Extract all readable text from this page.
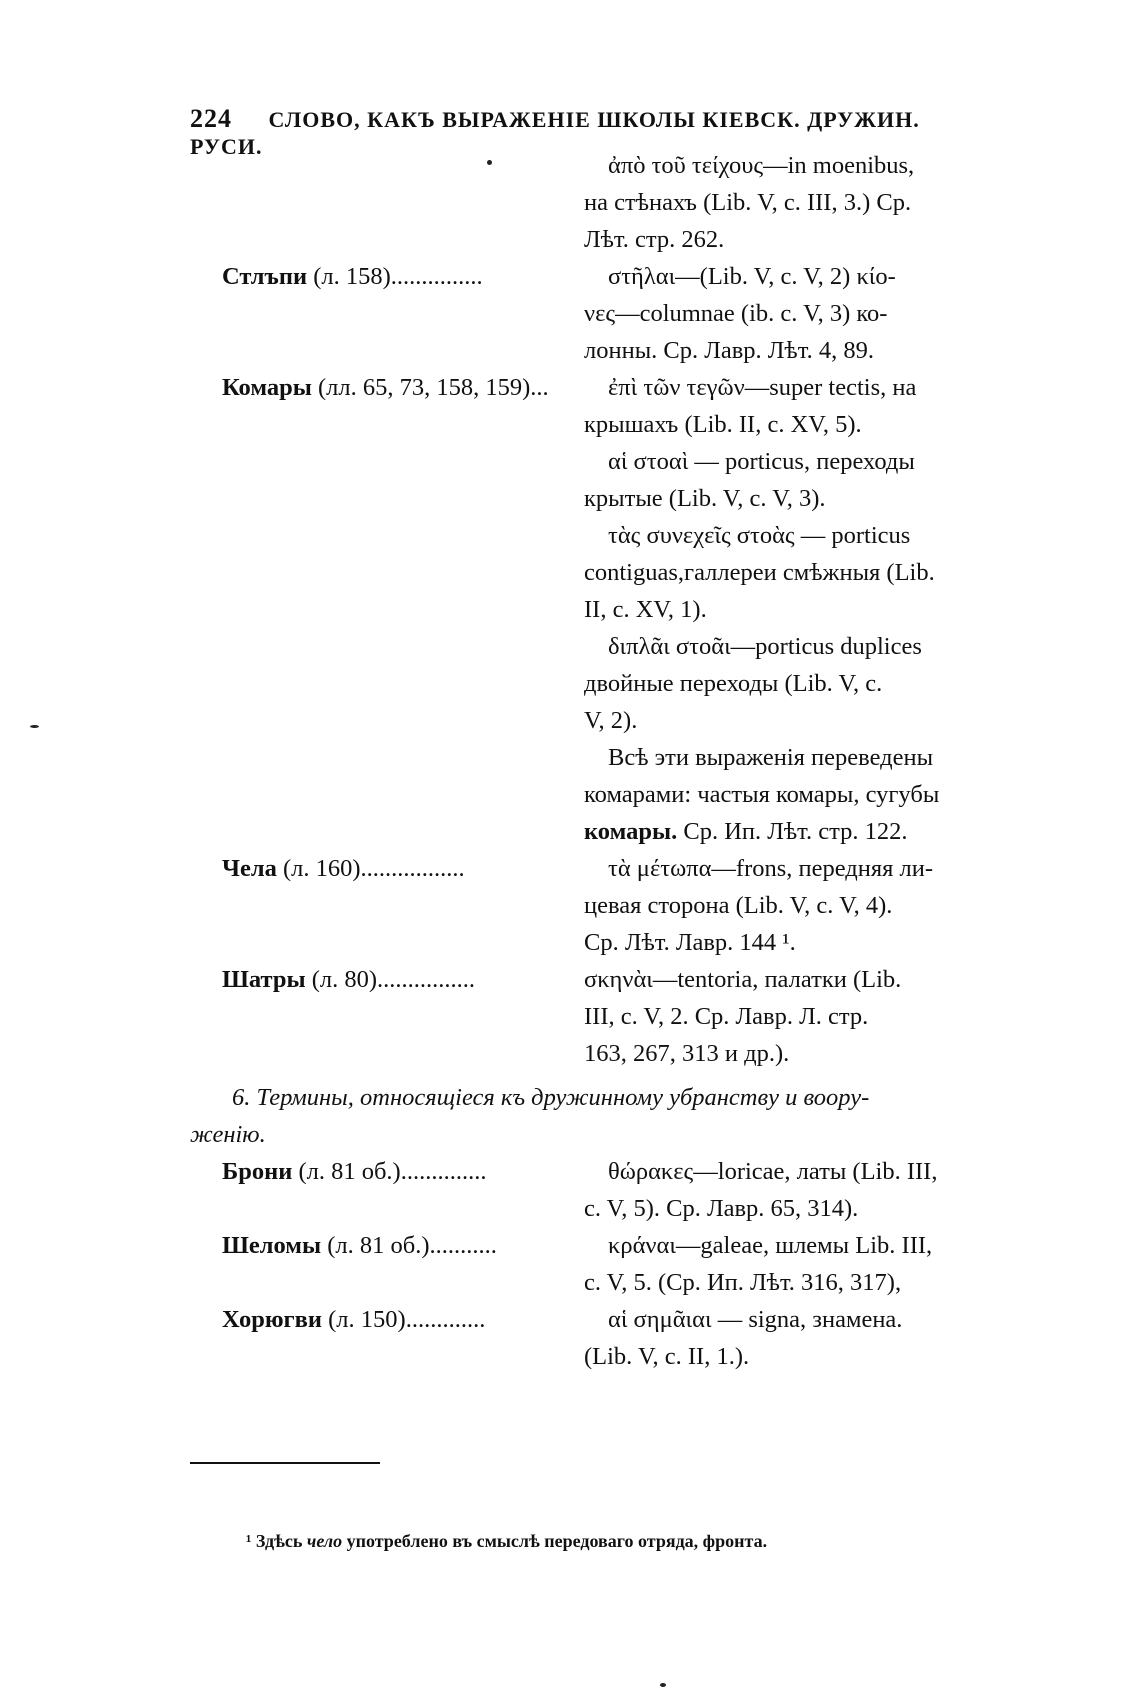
224 СЛОВО, КАКЪ ВЫРАЖЕНІЕ ШКОЛЫ КІЕВСК. ДРУЖИН. РУСИ.
ἀπὸ τοῦ τείχους—in moenibus,
на стѣнахъ (Lib. V, c. III, 3.) Ср.
Лѣт. стр. 262.
Стлъпи (л. 158)...............	στῆλαι—(Lib. V, c. V, 2) κίο-
νες—columnae (ib. c. V, 3) ко-
лонны. Ср. Лавр. Лѣт. 4, 89.
Комары (лл. 65, 73, 158, 159)... ἐπὶ τῶν τεγῶν—super tectis, на
крышахъ (Lib. II, c. XV, 5).
αἱ στοαὶ — porticus, переходы
крытые (Lib. V, c. V, 3).
τὰς συνεχεῖς στοὰς — porticus
contiguas,галлереи смѣжныя (Lib.
II, c. XV, 1).
διπλᾶι στοᾶι—porticus duplices
двойные переходы (Lib. V, c.
V, 2).
Всѣ эти выраженія переведены
комарами: частыя комары, сугубы
комары. Ср. Ип. Лѣт. стр. 122.
Чела (л. 160).................	τὰ μέτωπα—frons, передняя ли-
цевая сторона (Lib. V, c. V, 4).
Ср. Лѣт. Лавр. 144 ¹.
Шатры (л. 80)................	σκηνὰι—tentoria, палатки (Lib.
III, c. V, 2. Ср. Лавр. Л. стр.
163, 267, 313 и др.).
6. Термины, относящіеся къ дружинному убранству и воору-
женію.
Брони (л. 81 об.)..............	θώρακες—loricae, латы (Lib. III,
c. V, 5). Ср. Лавр. 65, 314).
Шеломы (л. 81 об.)...........	κράναι—galeae, шлемы Lib. III,
c. V, 5. (Ср. Ип. Лѣт. 316, 317),
Хорюгви (л. 150).............	αἱ σημᾶιαι — signa, знамена.
(Lib. V, c. II, 1.).
¹ Здѣсь чело употреблено въ смыслѣ передоваго отряда, фронта.
